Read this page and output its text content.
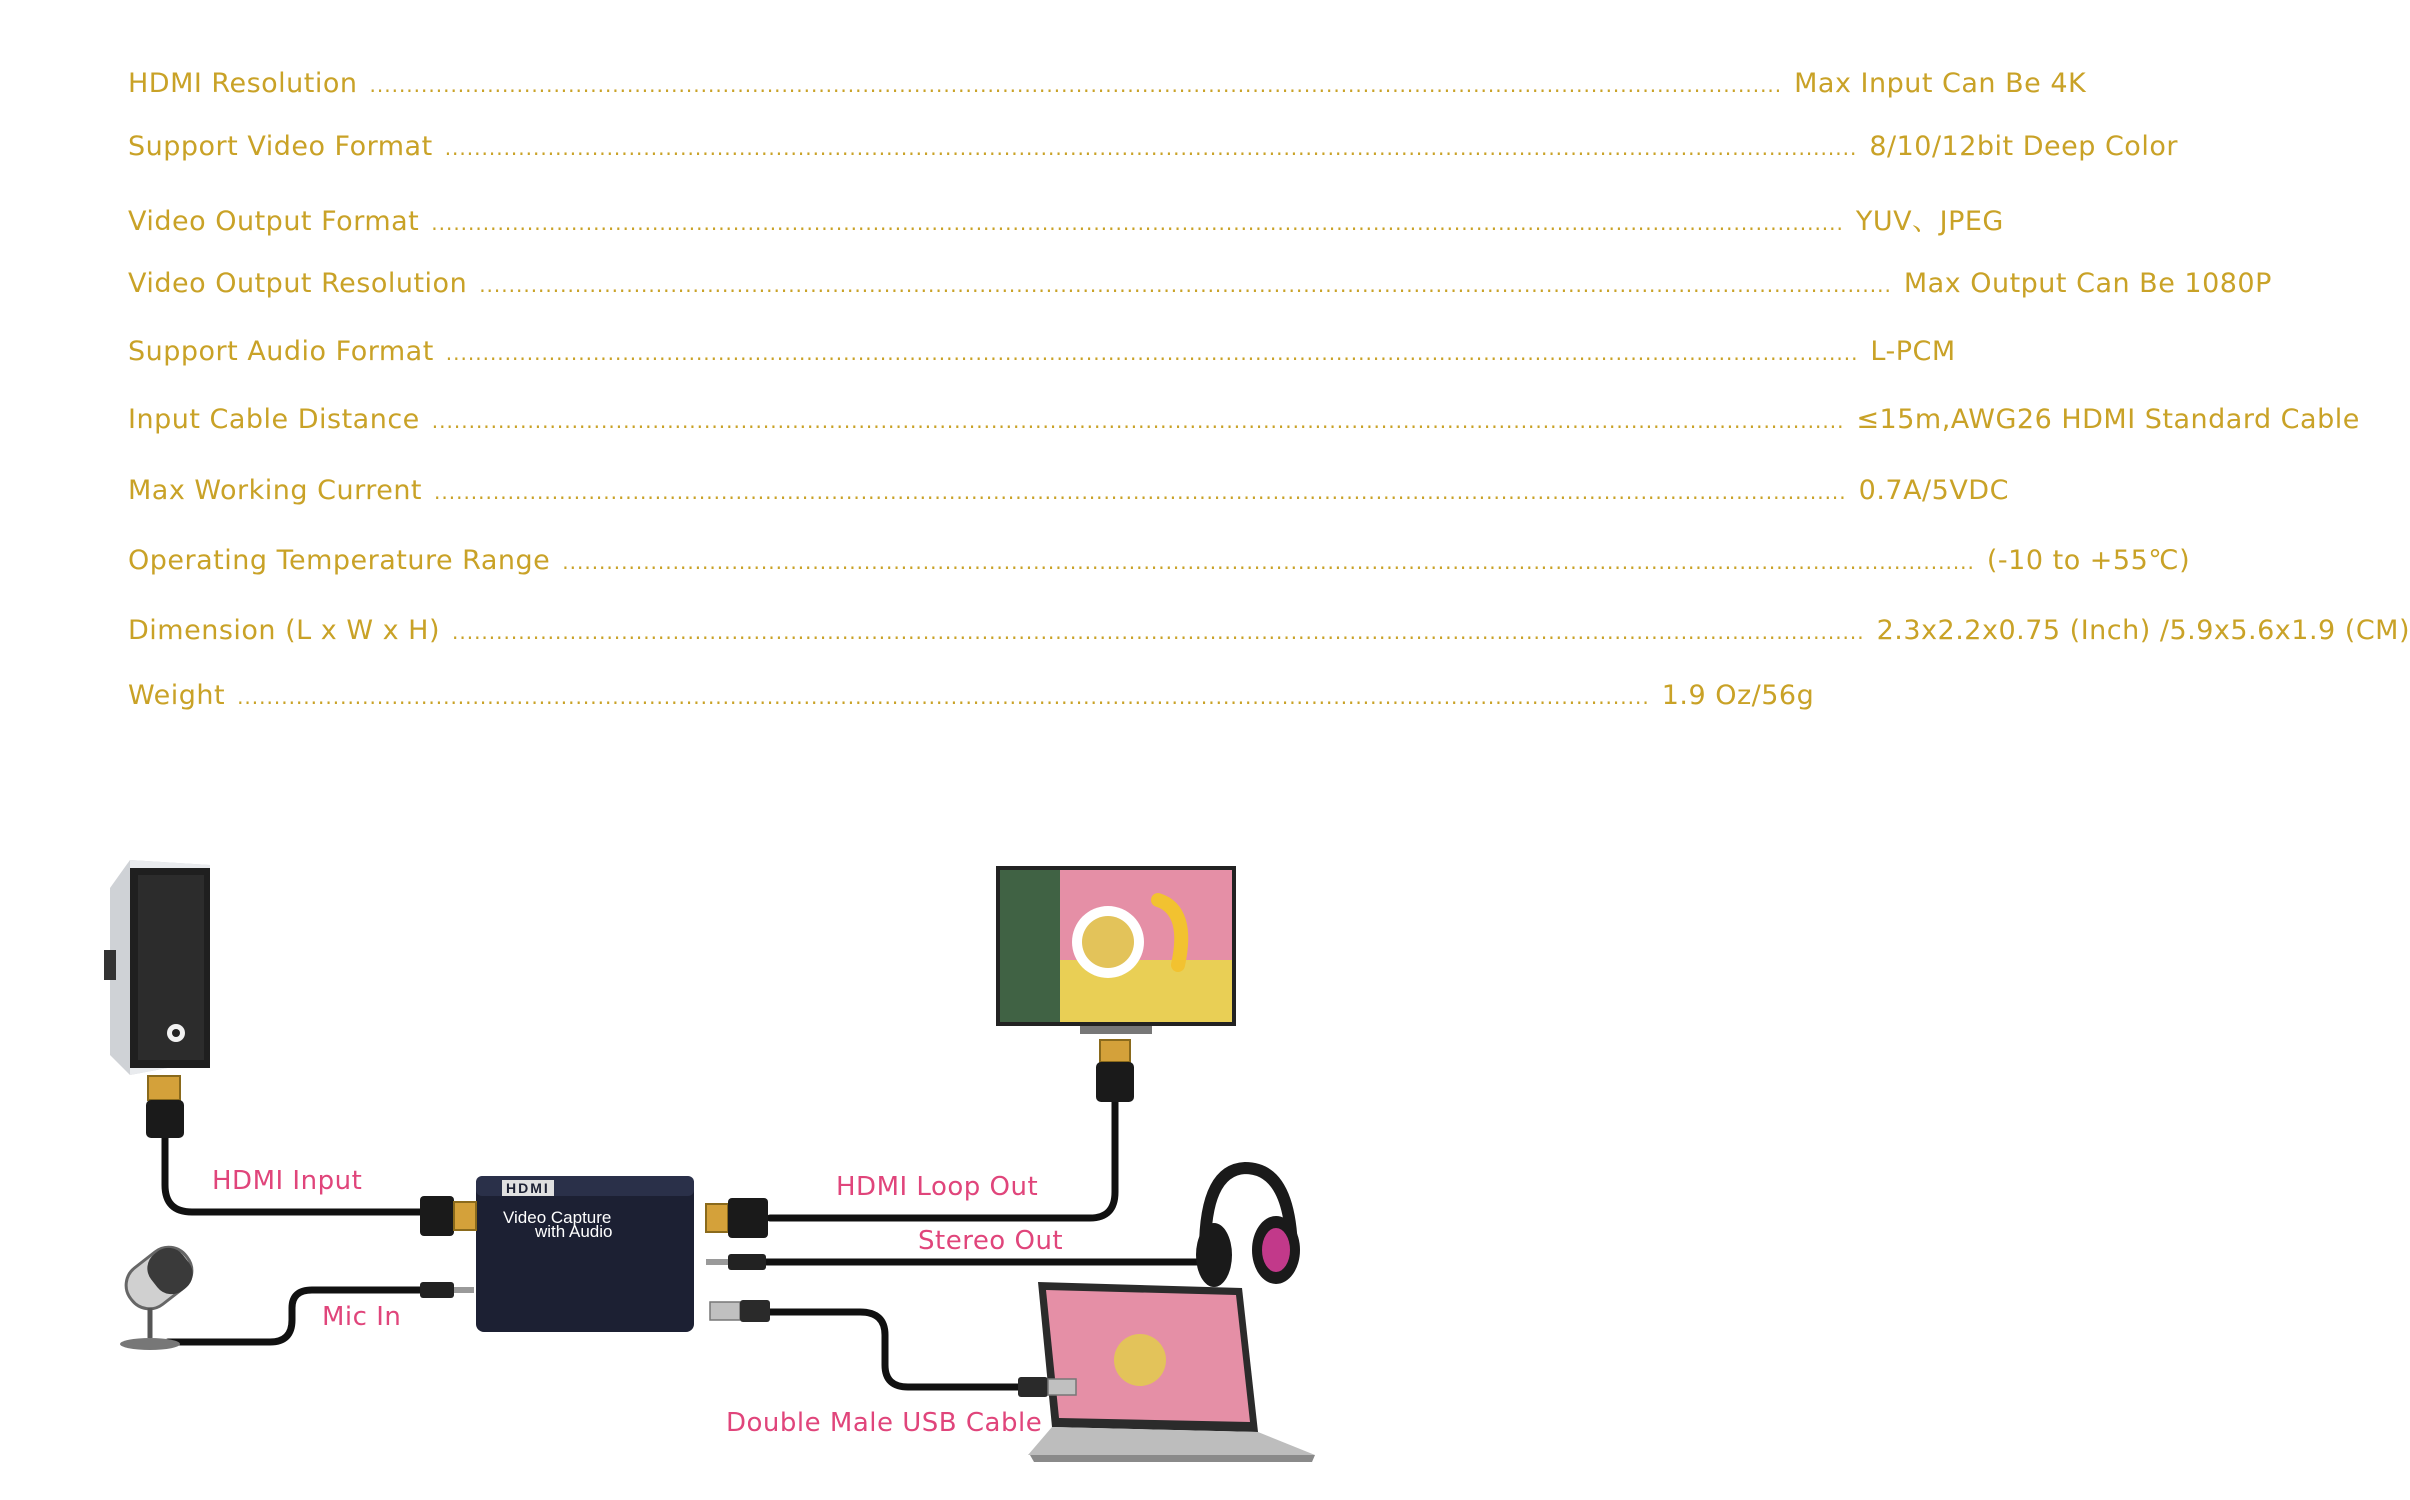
HDMI Resolution ................................................................................................................................................................................................ Max Input Can Be 4K
Support Video Format ................................................................................................................................................................................................ 8/10/12bit Deep Color
Video Output Format ................................................................................................................................................................................................ YUV、JPEG
Video Output Resolution ................................................................................................................................................................................................ Max Output Can Be 1080P
Support Audio Format ................................................................................................................................................................................................ L-PCM
Input Cable Distance ................................................................................................................................................................................................ ≤15m,AWG26 HDMI Standard Cable
Max Working Current ................................................................................................................................................................................................ 0.7A/5VDC
Operating Temperature Range ................................................................................................................................................................................................ (-10 to +55℃)
Dimension (L x W x H) ................................................................................................................................................................................................ 2.3x2.2x0.75 (Inch) /5.9x5.6x1.9 (CM)
Weight ................................................................................................................................................................................................ 1.9 Oz/56g
HDMI
Video Capture
with Audio
HDMI Input	HDMI Loop Out
Stereo Out
Mic In
Double Male USB Cable
